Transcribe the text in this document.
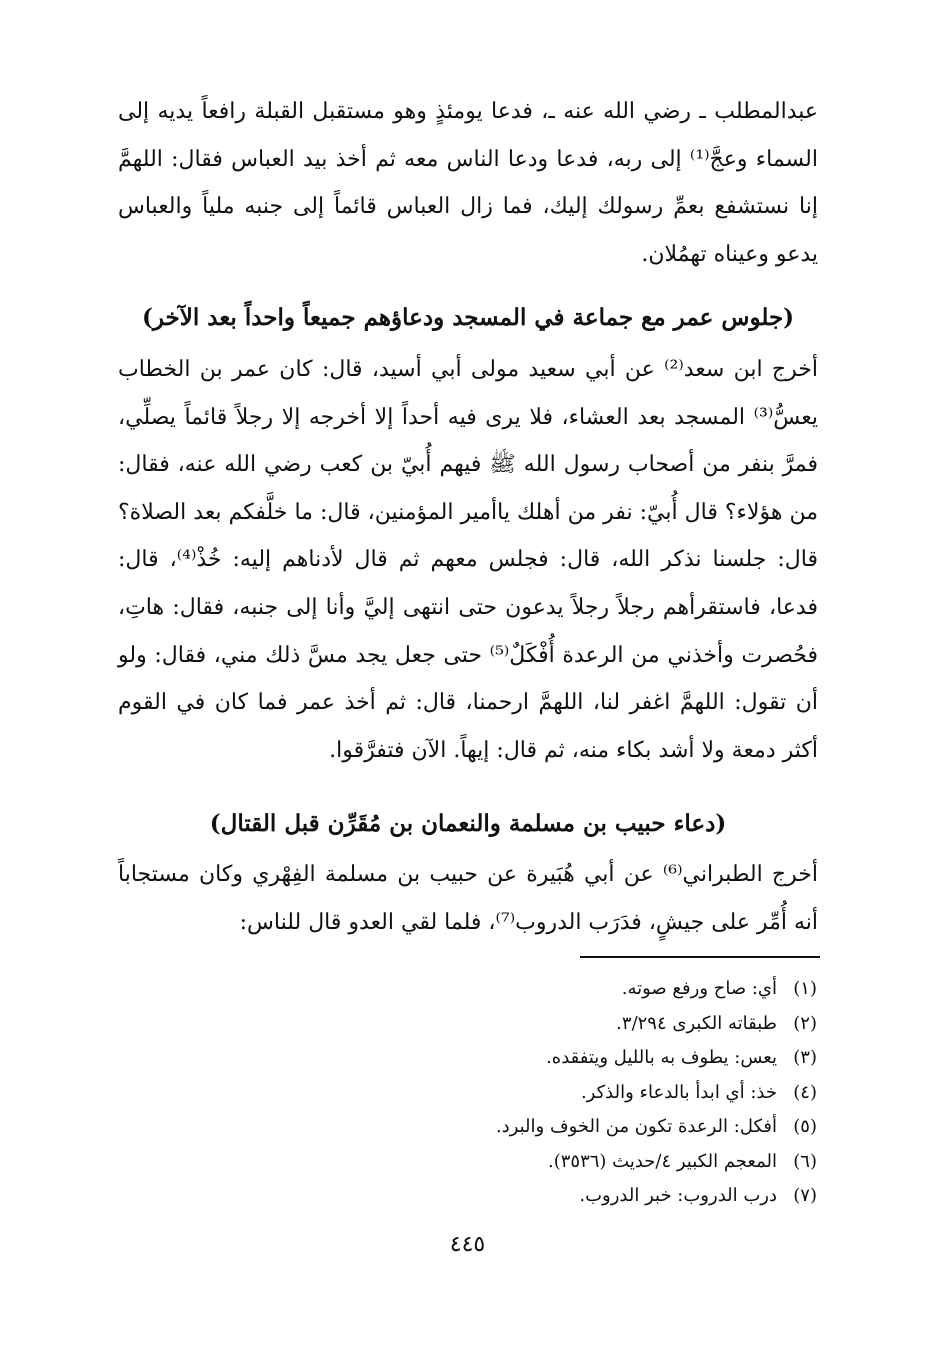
عبدالمطلب ـ رضي الله عنه ـ، فدعا يومئذٍ وهو مستقبل القبلة رافعاً يديه إلى السماء وعجَّ⁽¹⁾ إلى ربه، فدعا ودعا الناس معه ثم أخذ بيد العباس فقال: اللهمَّ إنا نستشفع بعمِّ رسولك إليك، فما زال العباس قائماً إلى جنبه ملياً والعباس يدعو وعيناه تهمُلان.

(جلوس عمر مع جماعة في المسجد ودعاؤهم جميعاً واحداً بعد الآخر)

أخرج ابن سعد⁽²⁾ عن أبي سعيد مولى أبي أسيد، قال: كان عمر بن الخطاب يعسُّ⁽³⁾ المسجد بعد العشاء، فلا يرى فيه أحداً إلا أخرجه إلا رجلاً قائماً يصلِّي، فمرَّ بنفر من أصحاب رسول الله ﷺ فيهم أُبيّ بن كعب رضي الله عنه، فقال: من هؤلاء؟ قال أُبيّ: نفر من أهلك ياأمير المؤمنين، قال: ما خلَّفكم بعد الصلاة؟ قال: جلسنا نذكر الله، قال: فجلس معهم ثم قال لأدناهم إليه: خُذْ⁽⁴⁾، قال: فدعا، فاستقرأهم رجلاً رجلاً يدعون حتى انتهى إليَّ وأنا إلى جنبه، فقال: هاتِ، فحُصرت وأخذني من الرعدة أُفْكَلٌ⁽⁵⁾ حتى جعل يجد مسَّ ذلك مني، فقال: ولو أن تقول: اللهمَّ اغفر لنا، اللهمَّ ارحمنا، قال: ثم أخذ عمر فما كان في القوم أكثر دمعة ولا أشد بكاء منه، ثم قال: إيهاً. الآن فتفرَّقوا.

(دعاء حبيب بن مسلمة والنعمان بن مُقَرِّن قبل القتال)

أخرج الطبراني⁽⁶⁾ عن أبي هُبَيرة عن حبيب بن مسلمة الفِهْري وكان مستجاباً أنه أُمِّر على جيشٍ، فدَرَب الدروب⁽⁷⁾، فلما لقي العدو قال للناس:

(١)أي: صاح ورفع صوته.
(٢)طبقاته الكبرى ٣/٢٩٤.
(٣)يعس: يطوف به بالليل ويتفقده.
(٤)خذ: أي ابدأ بالدعاء والذكر.
(٥)أفكل: الرعدة تكون من الخوف والبرد.
(٦)المعجم الكبير ٤/حديث (٣٥٣٦).
(٧)درب الدروب: خبر الدروب.
٤٤٥
